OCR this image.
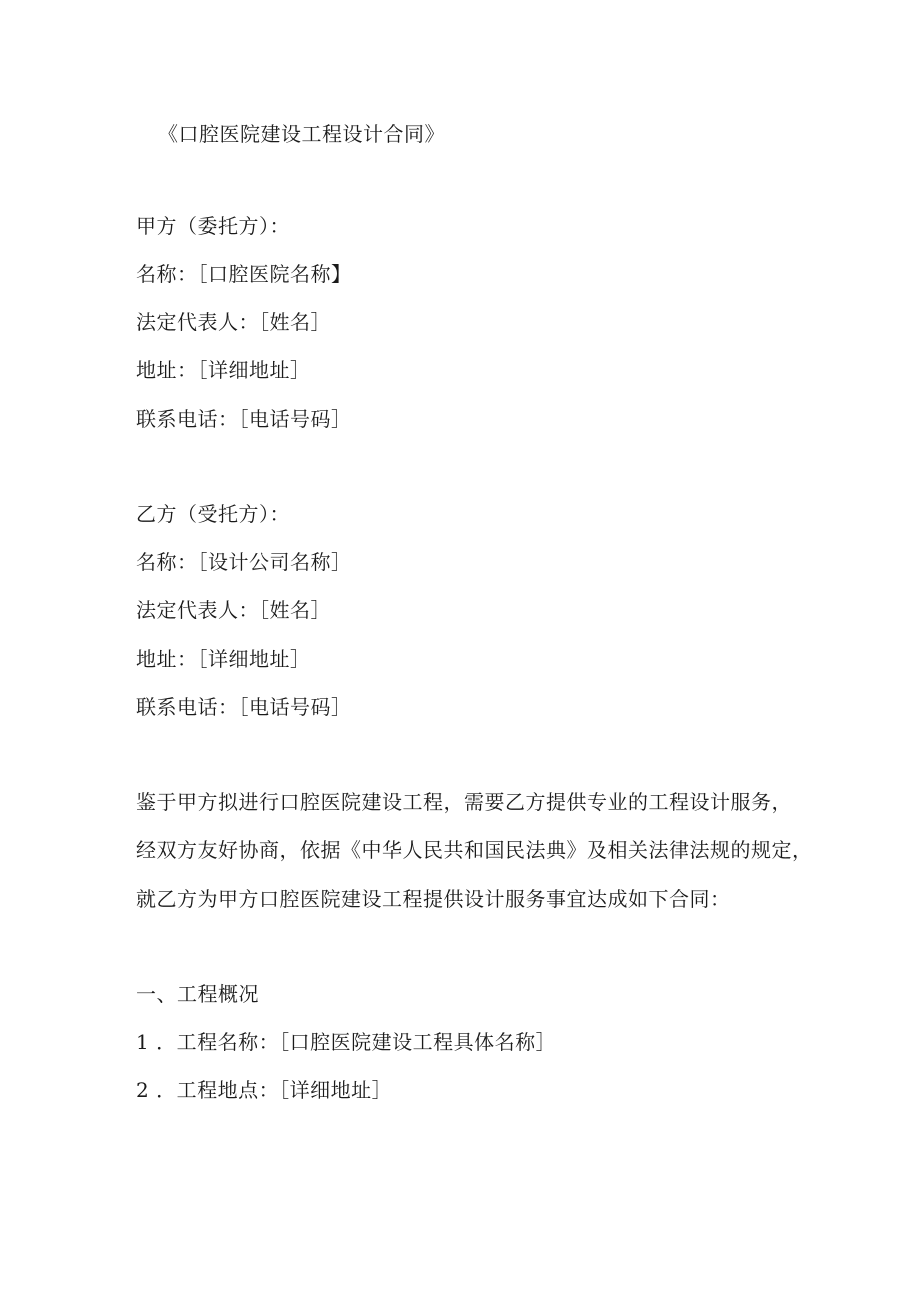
《口腔医院建设工程设计合同》
甲方（委托方）：
名称：［口腔医院名称】
法定代表人：［姓名］
地址：［详细地址］
联系电话：［电话号码］
乙方（受托方）：
名称：［设计公司名称］
法定代表人：［姓名］
地址：［详细地址］
联系电话：［电话号码］
鉴于甲方拟进行口腔医院建设工程，需要乙方提供专业的工程设计服务，
经双方友好协商，依据《中华人民共和国民法典》及相关法律法规的规定，
就乙方为甲方口腔医院建设工程提供设计服务事宜达成如下合同：
一、工程概况
1 ．工程名称：［口腔医院建设工程具体名称］
2 ．工程地点：［详细地址］
